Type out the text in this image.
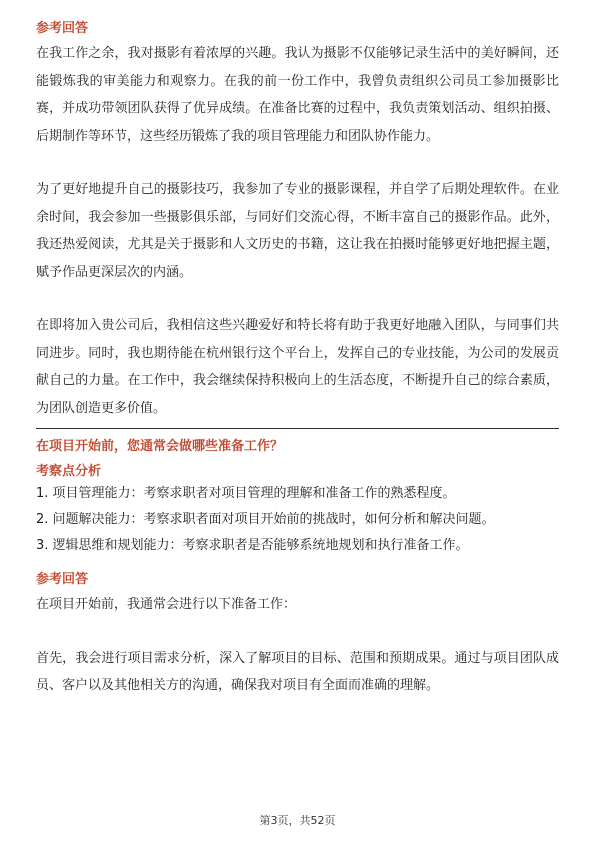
参考回答

在我工作之余，我对摄影有着浓厚的兴趣。我认为摄影不仅能够记录生活中的美好瞬间，还能锻炼我的审美能力和观察力。在我的前一份工作中，我曾负责组织公司员工参加摄影比赛，并成功带领团队获得了优异成绩。在准备比赛的过程中，我负责策划活动、组织拍摄、后期制作等环节，这些经历锻炼了我的项目管理能力和团队协作能力。

为了更好地提升自己的摄影技巧，我参加了专业的摄影课程，并自学了后期处理软件。在业余时间，我会参加一些摄影俱乐部，与同好们交流心得，不断丰富自己的摄影作品。此外，我还热爱阅读，尤其是关于摄影和人文历史的书籍，这让我在拍摄时能够更好地把握主题，赋予作品更深层次的内涵。

在即将加入贵公司后，我相信这些兴趣爱好和特长将有助于我更好地融入团队，与同事们共同进步。同时，我也期待能在杭州银行这个平台上，发挥自己的专业技能，为公司的发展贡献自己的力量。在工作中，我会继续保持积极向上的生活态度，不断提升自己的综合素质，为团队创造更多价值。

在项目开始前，您通常会做哪些准备工作？

考察点分析

1. 项目管理能力：考察求职者对项目管理的理解和准备工作的熟悉程度。
2. 问题解决能力：考察求职者面对项目开始前的挑战时，如何分析和解决问题。
3. 逻辑思维和规划能力：考察求职者是否能够系统地规划和执行准备工作。

参考回答

在项目开始前，我通常会进行以下准备工作：

首先，我会进行项目需求分析，深入了解项目的目标、范围和预期成果。通过与项目团队成员、客户以及其他相关方的沟通，确保我对项目有全面而准确的理解。

第3页，共52页
